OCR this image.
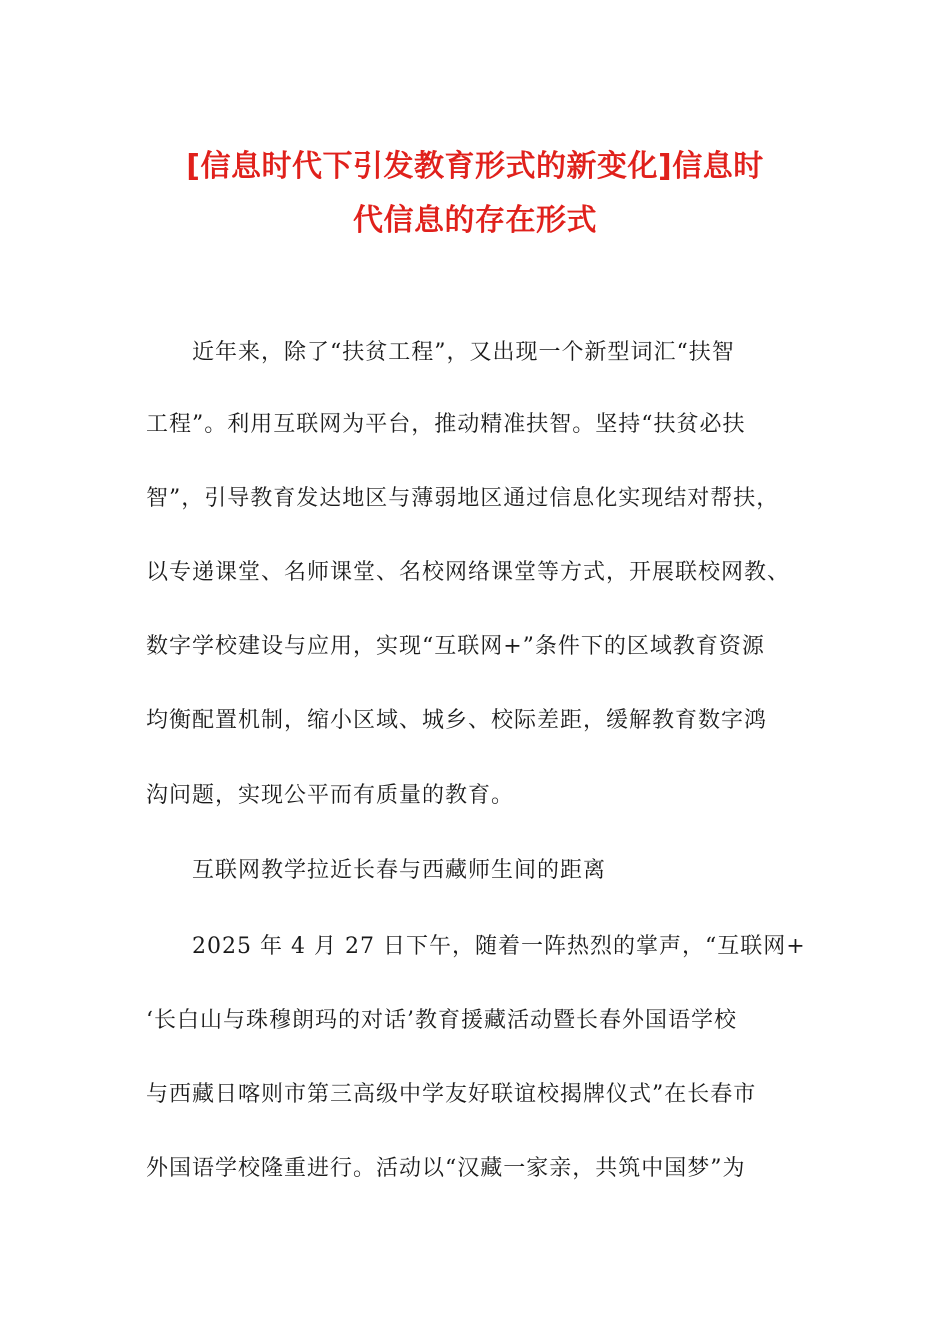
[信息时代下引发教育形式的新变化]信息时
代信息的存在形式
近年来，除了“扶贫工程”，又出现一个新型词汇“扶智
工程”。利用互联网为平台，推动精准扶智。坚持“扶贫必扶
智”，引导教育发达地区与薄弱地区通过信息化实现结对帮扶，
以专递课堂、名师课堂、名校网络课堂等方式，开展联校网教、
数字学校建设与应用，实现“互联网+”条件下的区域教育资源
均衡配置机制，缩小区域、城乡、校际差距，缓解教育数字鸿
沟问题，实现公平而有质量的教育。
互联网教学拉近长春与西藏师生间的距离
2025 年 4 月 27 日下午，随着一阵热烈的掌声，“互联网+
‘长白山与珠穆朗玛的对话’教育援藏活动暨长春外国语学校
与西藏日喀则市第三高级中学友好联谊校揭牌仪式”在长春市
外国语学校隆重进行。活动以“汉藏一家亲，共筑中国梦”为
